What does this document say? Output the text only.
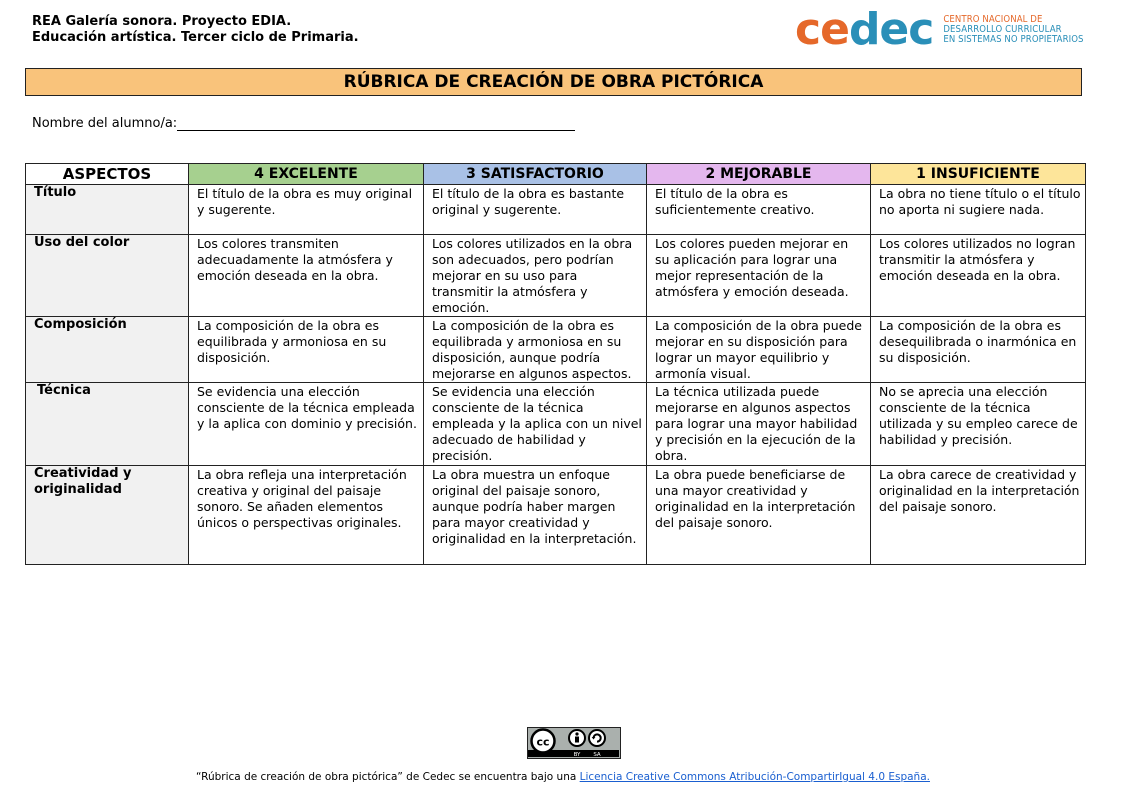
REA Galería sonora. Proyecto EDIA.
Educación artística. Tercer ciclo de Primaria.	cedec CENTRO NACIONAL DE
DESARROLLO CURRICULAR
EN SISTEMAS NO PROPIETARIOS
RÚBRICA DE CREACIÓN DE OBRA PICTÓRICA
Nombre del alumno/a:
ASPECTOS	4 EXCELENTE	3 SATISFACTORIO	2 MEJORABLE	1 INSUFICIENTE
Título	El título de la obra es muy original y sugerente.	El título de la obra es bastante original y sugerente.	El título de la obra es suficientemente creativo.	La obra no tiene título o el título no aporta ni sugiere nada.
Uso del color	Los colores transmiten adecuadamente la atmósfera y emoción deseada en la obra.	Los colores utilizados en la obra son adecuados, pero podrían mejorar en su uso para transmitir la atmósfera y emoción.	Los colores pueden mejorar en su aplicación para lograr una mejor representación de la atmósfera y emoción deseada.	Los colores utilizados no logran transmitir la atmósfera y emoción deseada en la obra.
Composición	La composición de la obra es equilibrada y armoniosa en su disposición.	La composición de la obra es equilibrada y armoniosa en su disposición, aunque podría mejorarse en algunos aspectos.	La composición de la obra puede mejorar en su disposición para lograr un mayor equilibrio y armonía visual.	La composición de la obra es desequilibrada o inarmónica en su disposición.
Técnica	Se evidencia una elección consciente de la técnica empleada y la aplica con dominio y precisión.	Se evidencia una elección consciente de la técnica empleada y la aplica con un nivel adecuado de habilidad y precisión.	La técnica utilizada puede mejorarse en algunos aspectos para lograr una mayor habilidad y precisión en la ejecución de la obra.	No se aprecia una elección consciente de la técnica utilizada y su empleo carece de habilidad y precisión.
Creatividad y originalidad	La obra refleja una interpretación creativa y original del paisaje sonoro. Se añaden elementos únicos o perspectivas originales.	La obra muestra un enfoque original del paisaje sonoro, aunque podría haber margen para mayor creatividad y originalidad en la interpretación.	La obra puede beneficiarse de una mayor creatividad y originalidad en la interpretación del paisaje sonoro.	La obra carece de creatividad y originalidad en la interpretación del paisaje sonoro.
cc
BY SA
“Rúbrica de creación de obra pictórica” de Cedec se encuentra bajo una Licencia Creative Commons Atribución-CompartirIgual 4.0 España.
